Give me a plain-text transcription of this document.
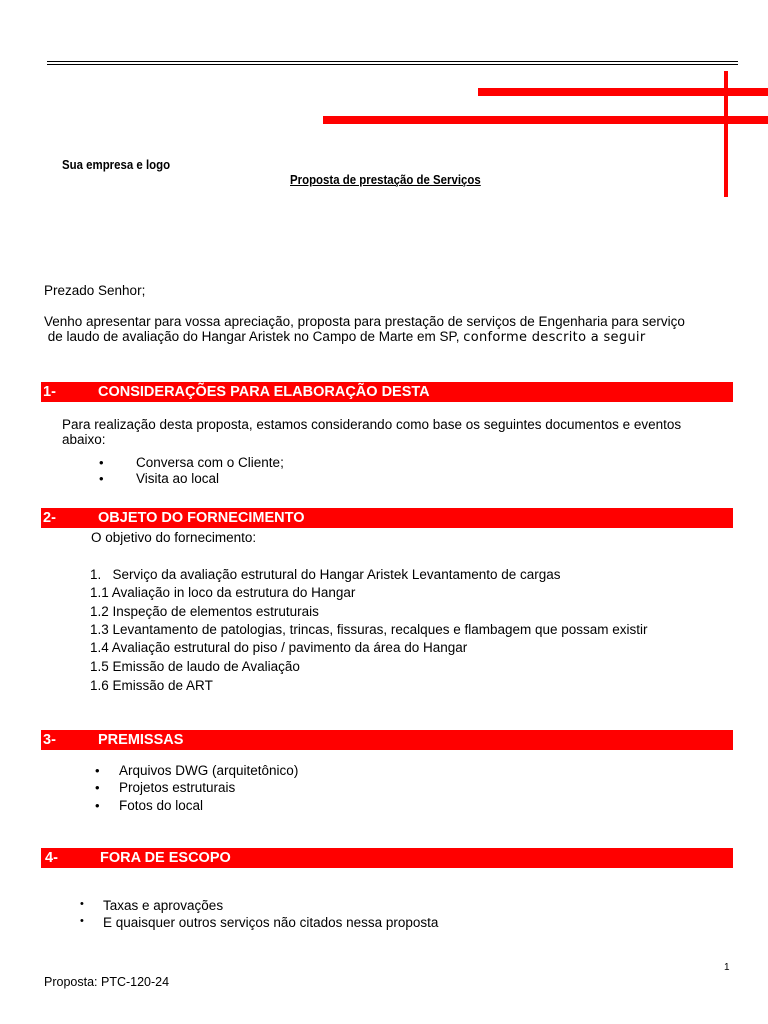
Sua empresa e logo
Proposta de prestação de Serviços
Prezado Senhor;
Venho apresentar para vossa apreciação, proposta para prestação de serviços de Engenharia para serviço
de laudo de avaliação do Hangar Aristek no Campo de Marte em SP, conforme descrito a seguir
1-	CONSIDERAÇÕES PARA ELABORAÇÃO DESTA
Para realização desta proposta, estamos considerando como base os seguintes documentos e eventos
abaixo:
• Conversa com o Cliente;
• Visita ao local
2-	OBJETO DO FORNECIMENTO
O objetivo do fornecimento:
1.   Serviço da avaliação estrutural do Hangar Aristek Levantamento de cargas
1.1 Avaliação in loco da estrutura do Hangar
1.2 Inspeção de elementos estruturais
1.3 Levantamento de patologias, trincas, fissuras, recalques e flambagem que possam existir
1.4 Avaliação estrutural do piso / pavimento da área do Hangar
1.5 Emissão de laudo de Avaliação
1.6 Emissão de ART
3-	PREMISSAS
• Arquivos DWG (arquitetônico)
• Projetos estruturais
• Fotos do local
4-	FORA DE ESCOPO
• Taxas e aprovações
• E quaisquer outros serviços não citados nessa proposta
1
Proposta: PTC-120-24
